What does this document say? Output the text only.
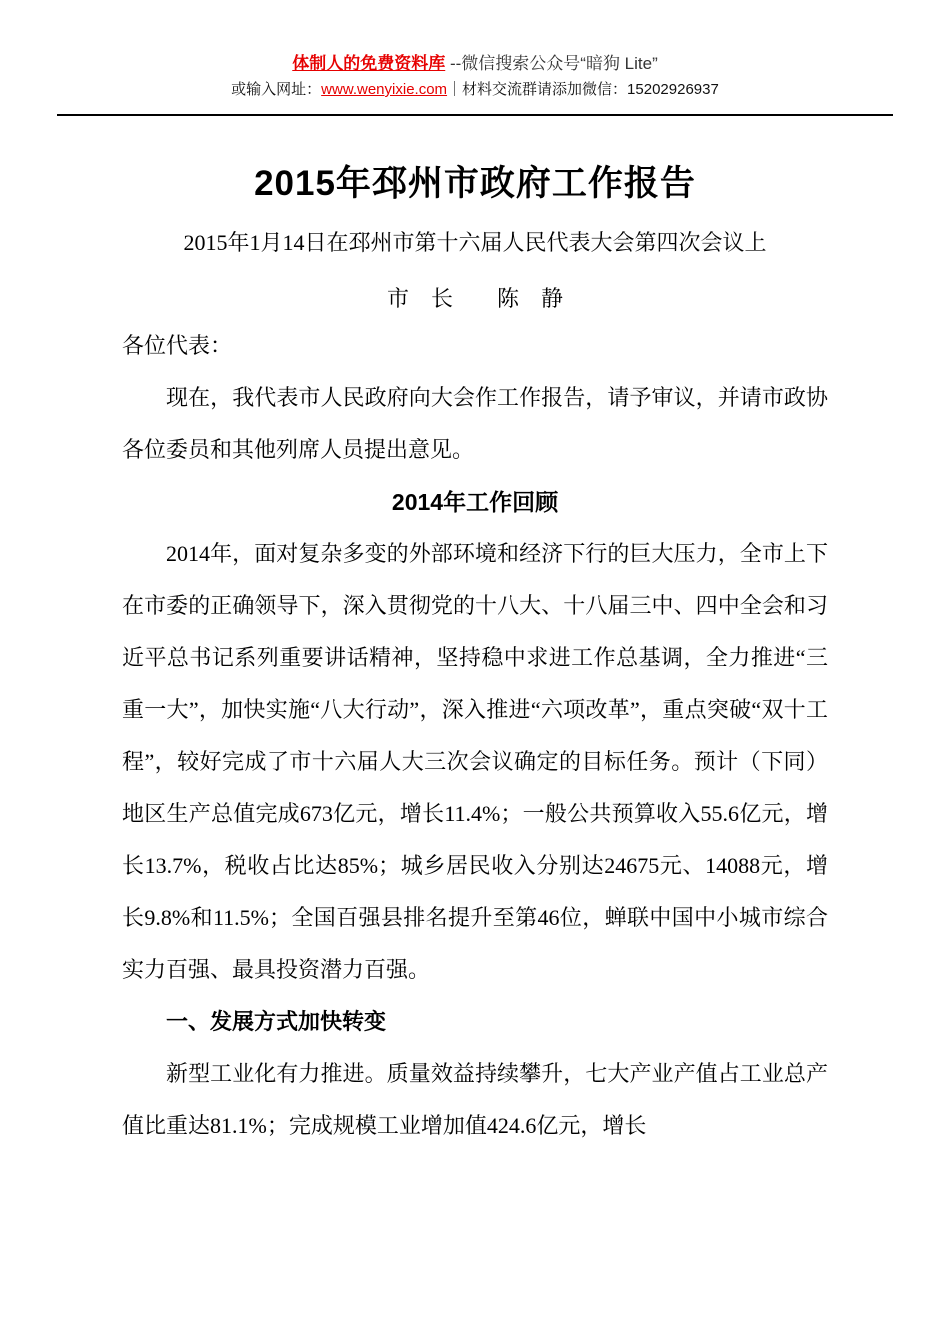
体制人的免费资料库 --微信搜索公众号“暗狗 Lite”
或输入网址：www.wenyixie.com｜材料交流群请添加微信：15202926937
2015年邳州市政府工作报告

2015年1月14日在邳州市第十六届人民代表大会第四次会议上

市　长　　陈　静

各位代表：

现在，我代表市人民政府向大会作工作报告，请予审议，并请市政协各位委员和其他列席人员提出意见。

2014年工作回顾

2014年，面对复杂多变的外部环境和经济下行的巨大压力，全市上下在市委的正确领导下，深入贯彻党的十八大、十八届三中、四中全会和习近平总书记系列重要讲话精神，坚持稳中求进工作总基调，全力推进“三重一大”，加快实施“八大行动”，深入推进“六项改革”，重点突破“双十工程”，较好完成了市十六届人大三次会议确定的目标任务。预计（下同）地区生产总值完成673亿元，增长11.4%；一般公共预算收入55.6亿元，增长13.7%，税收占比达85%；城乡居民收入分别达24675元、14088元，增长9.8%和11.5%；全国百强县排名提升至第46位，蝉联中国中小城市综合实力百强、最具投资潜力百强。

一、发展方式加快转变

新型工业化有力推进。质量效益持续攀升，七大产业产值占工业总产值比重达81.1%；完成规模工业增加值424.6亿元，增长
